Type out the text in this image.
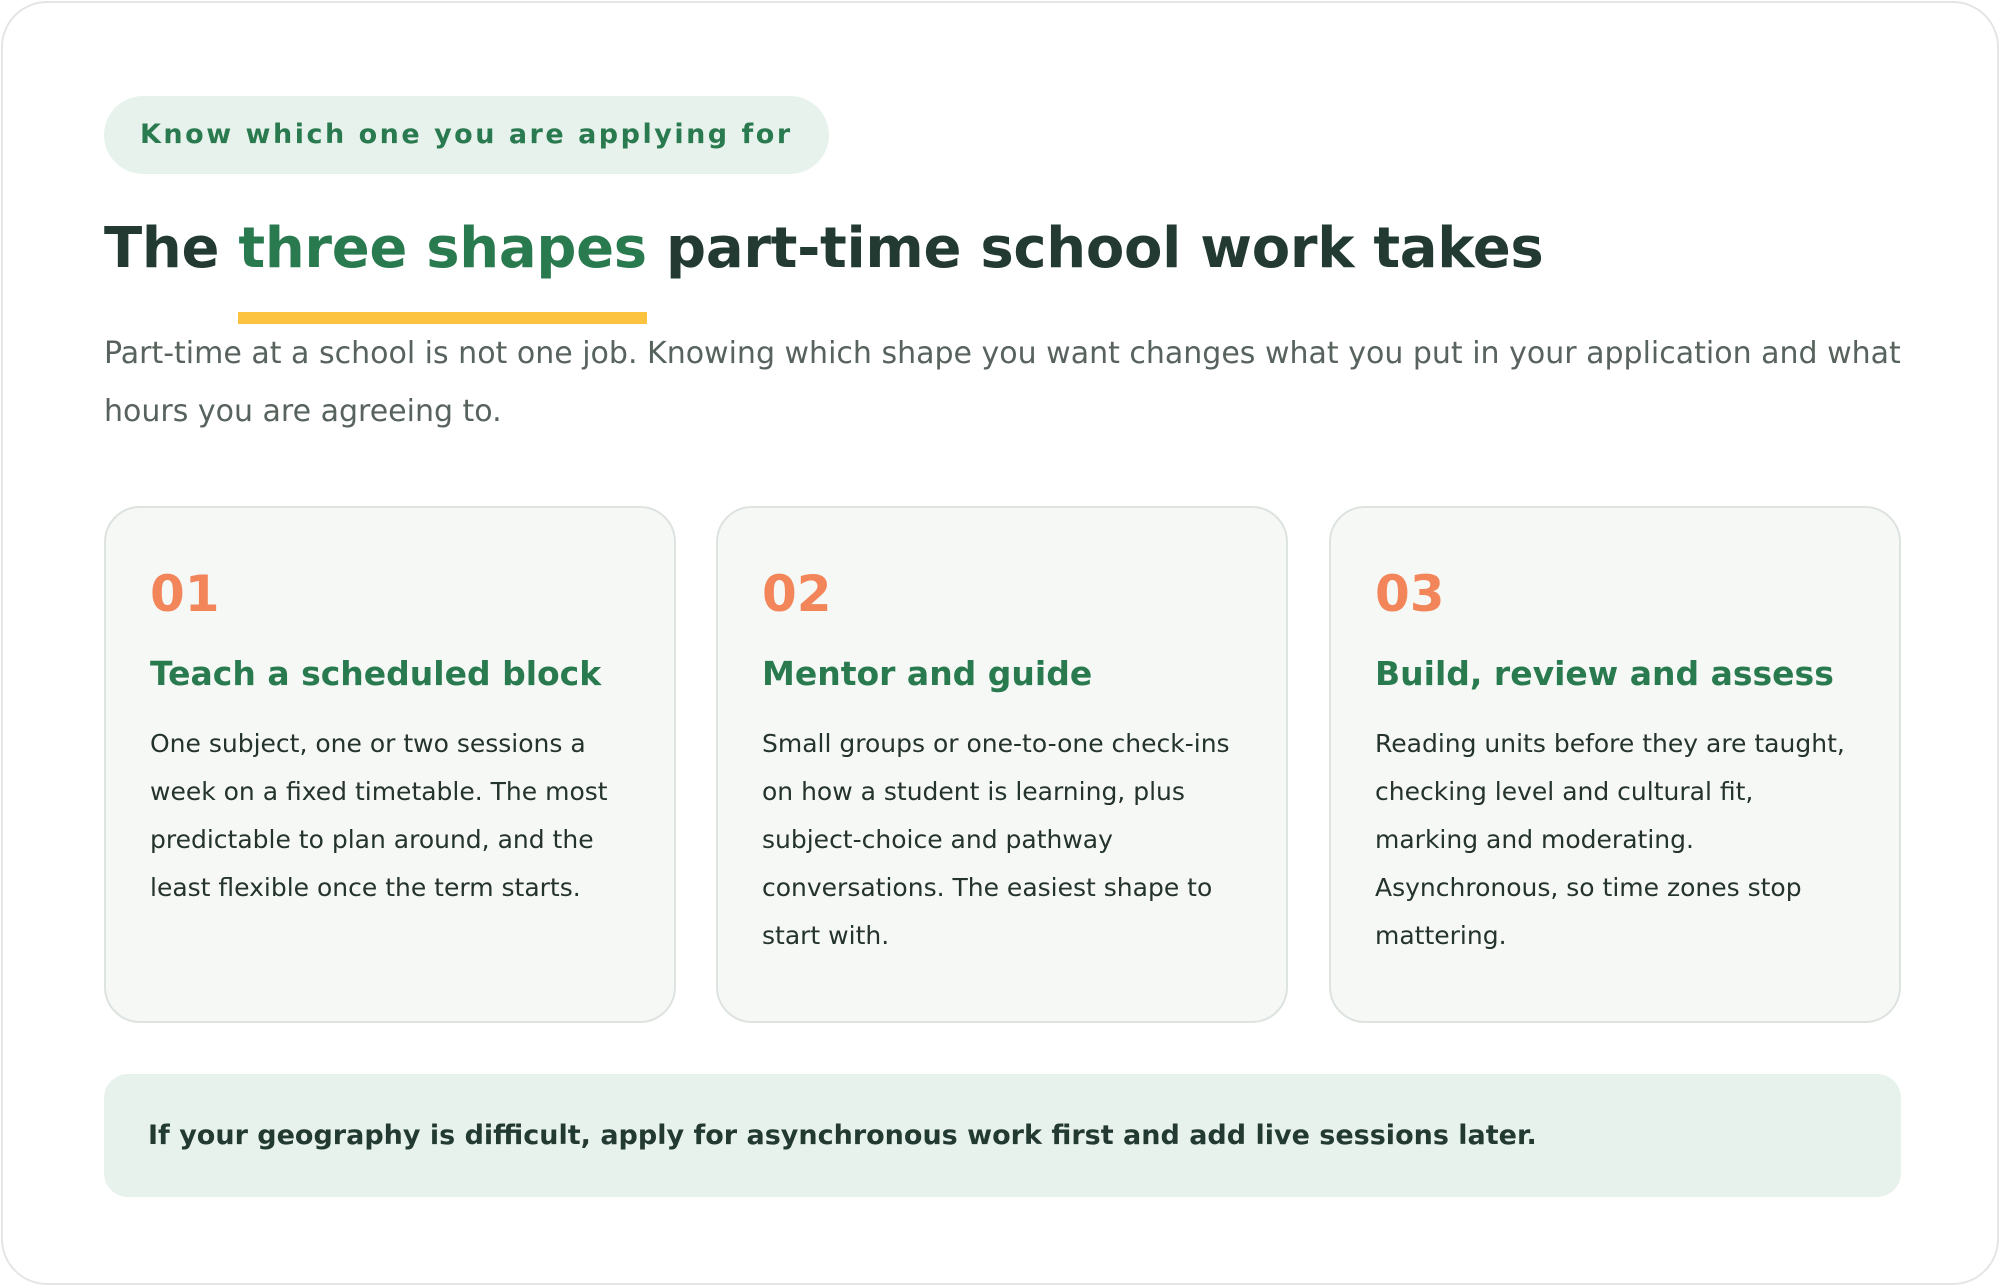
Know which one you are applying for
The three shapes
part-time school work takes

Part-time at a school is not one job. Knowing which shape you want changes what you put in your application and what hours you are agreeing to.

01
Teach a scheduled block

One subject, one or two sessions a week on a fixed timetable. The most predictable to plan around, and the least flexible once the term starts.

02
Mentor and guide

Small groups or one-to-one check-ins on how a student is learning, plus subject-choice and pathway conversations. The easiest shape to start with.

03
Build, review and assess

Reading units before they are taught, checking level and cultural fit, marking and moderating. Asynchronous, so time zones stop mattering.

If your geography is difficult, apply for asynchronous work first and add live sessions later.
